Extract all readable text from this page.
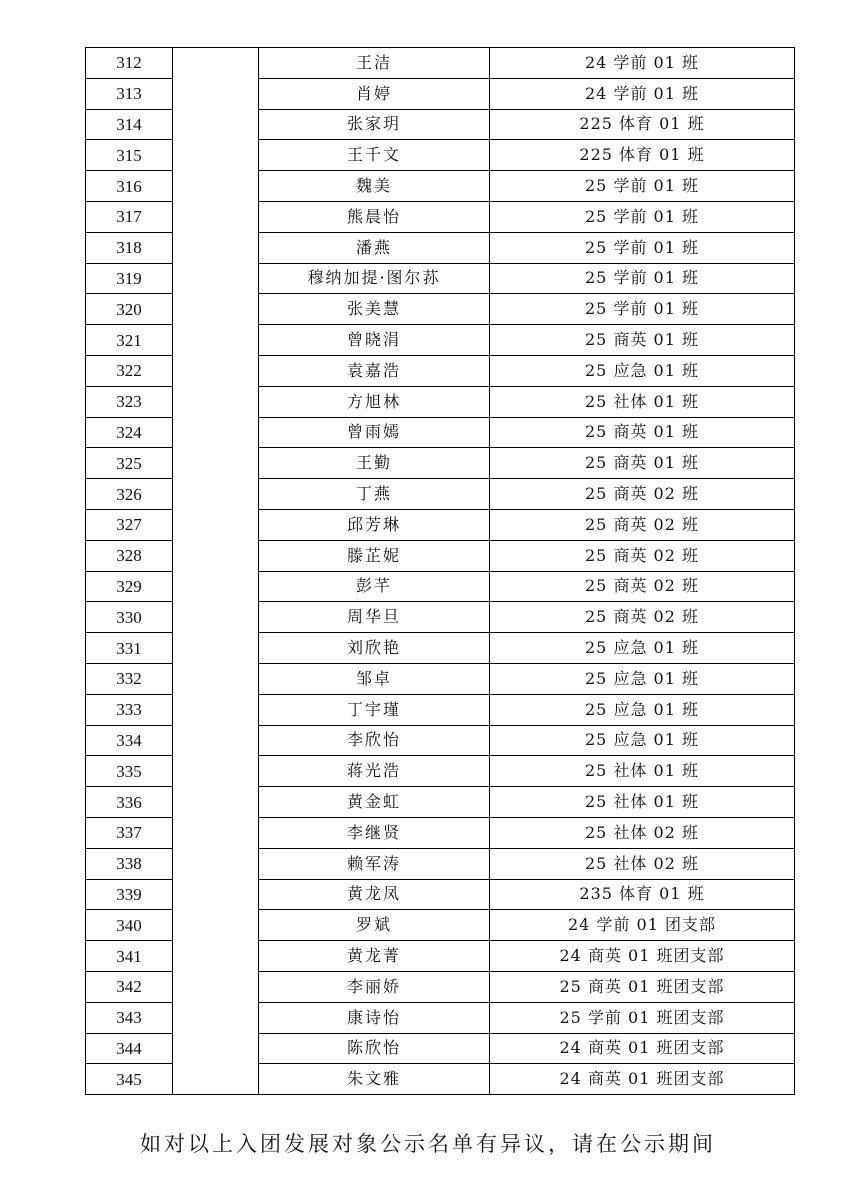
312		王洁	24 学前 01 班
313		肖婷	24 学前 01 班
314		张家玥	225 体育 01 班
315		王千文	225 体育 01 班
316		魏美	25 学前 01 班
317		熊晨怡	25 学前 01 班
318		潘燕	25 学前 01 班
319		穆纳加提·图尔荪	25 学前 01 班
320		张美慧	25 学前 01 班
321		曾晓涓	25 商英 01 班
322		袁嘉浩	25 应急 01 班
323		方旭林	25 社体 01 班
324		曾雨嫣	25 商英 01 班
325		王勤	25 商英 01 班
326		丁燕	25 商英 02 班
327		邱芳琳	25 商英 02 班
328		滕芷妮	25 商英 02 班
329		彭芊	25 商英 02 班
330		周华旦	25 商英 02 班
331		刘欣艳	25 应急 01 班
332		邹卓	25 应急 01 班
333		丁宇瑾	25 应急 01 班
334		李欣怡	25 应急 01 班
335		蒋光浩	25 社体 01 班
336		黄金虹	25 社体 01 班
337		李继贤	25 社体 02 班
338		赖军涛	25 社体 02 班
339		黄龙凤	235 体育 01 班
340		罗斌	24 学前 01 团支部
341		黄龙菁	24 商英 01 班团支部
342		李丽娇	25 商英 01 班团支部
343		康诗怡	25 学前 01 班团支部
344		陈欣怡	24 商英 01 班团支部
345		朱文雅	24 商英 01 班团支部
如对以上入团发展对象公示名单有异议，请在公示期间
